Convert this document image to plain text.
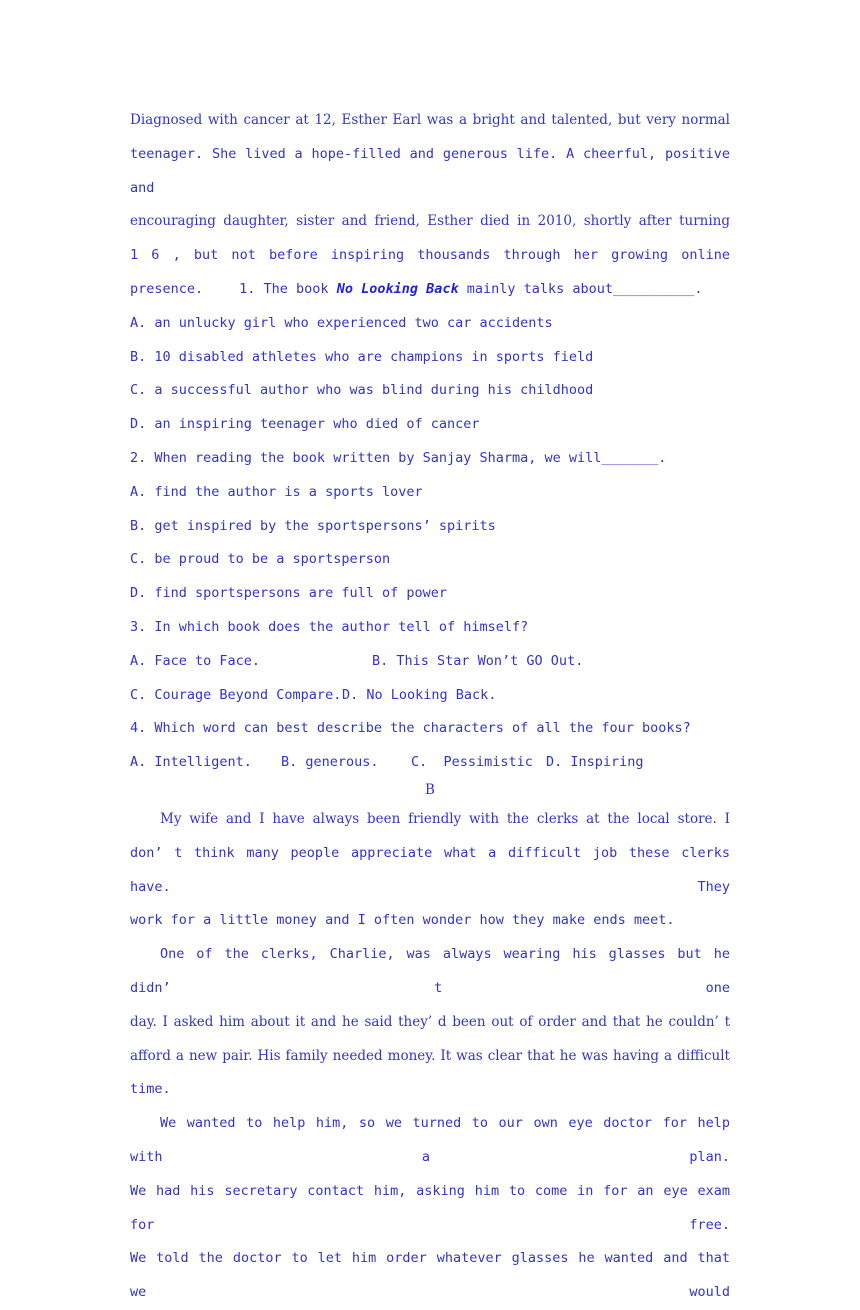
Diagnosed with cancer at 12, Esther Earl was a bright and talented, but very normal

teenager. She lived a hope-filled and generous life. A cheerful, positive and

encouraging daughter, sister and friend, Esther died in 2010, shortly after turning

1 6 , but not before inspiring thousands through her growing online

presence.	1. The book No Looking Back mainly talks about__________.

A. an unlucky girl who experienced two car accidents

B. 10 disabled athletes who are champions in sports field

C. a successful author who was blind during his childhood

D. an inspiring teenager who died of cancer

2. When reading the book written by Sanjay Sharma, we will_______.

A. find the author is a sports lover

B. get inspired by the sportspersons’ spirits

C. be proud to be a sportsperson

D. find sportspersons are full of power

3. In which book does the author tell of himself?

A. Face to Face.	B. This Star Won’t GO Out.

C. Courage Beyond Compare.D. No Looking Back.

4. Which word can best describe the characters of all the four books?

A. Intelligent. B. generous. C.  Pessimistic D. Inspiring

B

My wife and I have always been friendly with the clerks at the local store. I

don’ t think many people appreciate what a difficult job these clerks have. They

work for a little money and I often wonder how they make ends meet.

One of the clerks, Charlie, was always wearing his glasses but he didn’ t one

day. I asked him about it and he said they’ d been out of order and that he couldn’ t

afford a new pair. His family needed money. It was clear that he was having a difficult

time.

We wanted to help him, so we turned to our own eye doctor for help with a plan.

We had his secretary contact him, asking him to come in for an eye exam for free.

We told the doctor to let him order whatever glasses he wanted and that we would
